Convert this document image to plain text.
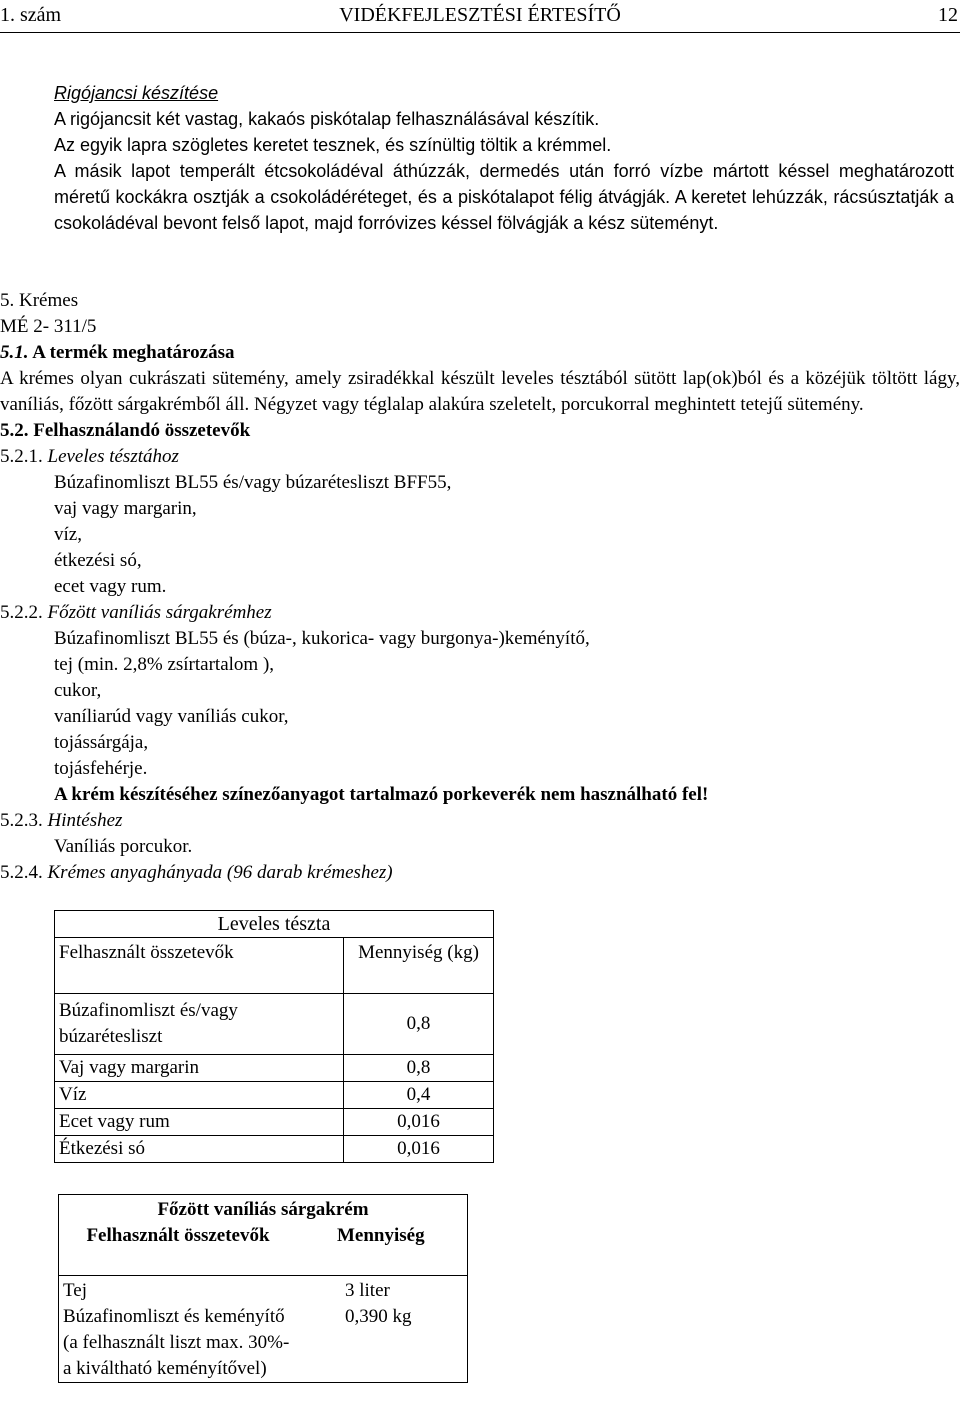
1. szám	VIDÉKFEJLESZTÉSI ÉRTESÍTŐ	12
Rigójancsi készítése
A rigójancsit két vastag, kakaós piskótalap felhasználásával készítik.
Az egyik lapra szögletes keretet tesznek, és színültig töltik a krémmel.
A másik lapot temperált étcsokoládéval áthúzzák, dermedés után forró vízbe mártott késsel meghatározott méretű kockákra osztják a csokoládéréteget, és a piskótalapot félig átvágják. A keretet lehúzzák, rácsúsztatják a csokoládéval bevont felső lapot, majd forróvizes késsel fölvágják a kész süteményt.
5. Krémes
MÉ 2- 311/5
5.1. A termék meghatározása
A krémes olyan cukrászati sütemény, amely zsiradékkal készült leveles tésztából sütött lap(ok)ból és a közéjük töltött lágy, vaníliás, főzött sárgakrémből áll. Négyzet vagy téglalap alakúra szeletelt, porcukorral meghintett tetejű sütemény.
5.2. Felhasználandó összetevők
5.2.1. Leveles tésztához
Búzafinomliszt BL55 és/vagy búzarétesliszt BFF55,
vaj vagy margarin,
víz,
étkezési só,
ecet vagy rum.
5.2.2. Főzött vaníliás sárgakrémhez
Búzafinomliszt BL55 és (búza-, kukorica- vagy burgonya-)keményítő,
tej (min. 2,8% zsírtartalom ),
cukor,
vaníliarúd vagy vaníliás cukor,
tojássárgája,
tojásfehérje.
A krém készítéséhez színezőanyagot tartalmazó porkeverék nem használható fel!
5.2.3. Hintéshez
Vaníliás porcukor.
5.2.4. Krémes anyaghányada (96 darab krémeshez)
Leveles tészta	
Felhasznált összetevők	Mennyiség (kg)
Búzafinomliszt és/vagy búzarétesliszt	0,8
Vaj vagy margarin	0,8
Víz	0,4
Ecet vagy rum	0,016
Étkezési só	0,016
Főzött vaníliás sárgakrém	
Felhasznált összetevők	Mennyiség
Tej	3 liter
Búzafinomliszt és keményítő (a felhasznált liszt max. 30%-a kiváltható keményítővel)	0,390 kg
